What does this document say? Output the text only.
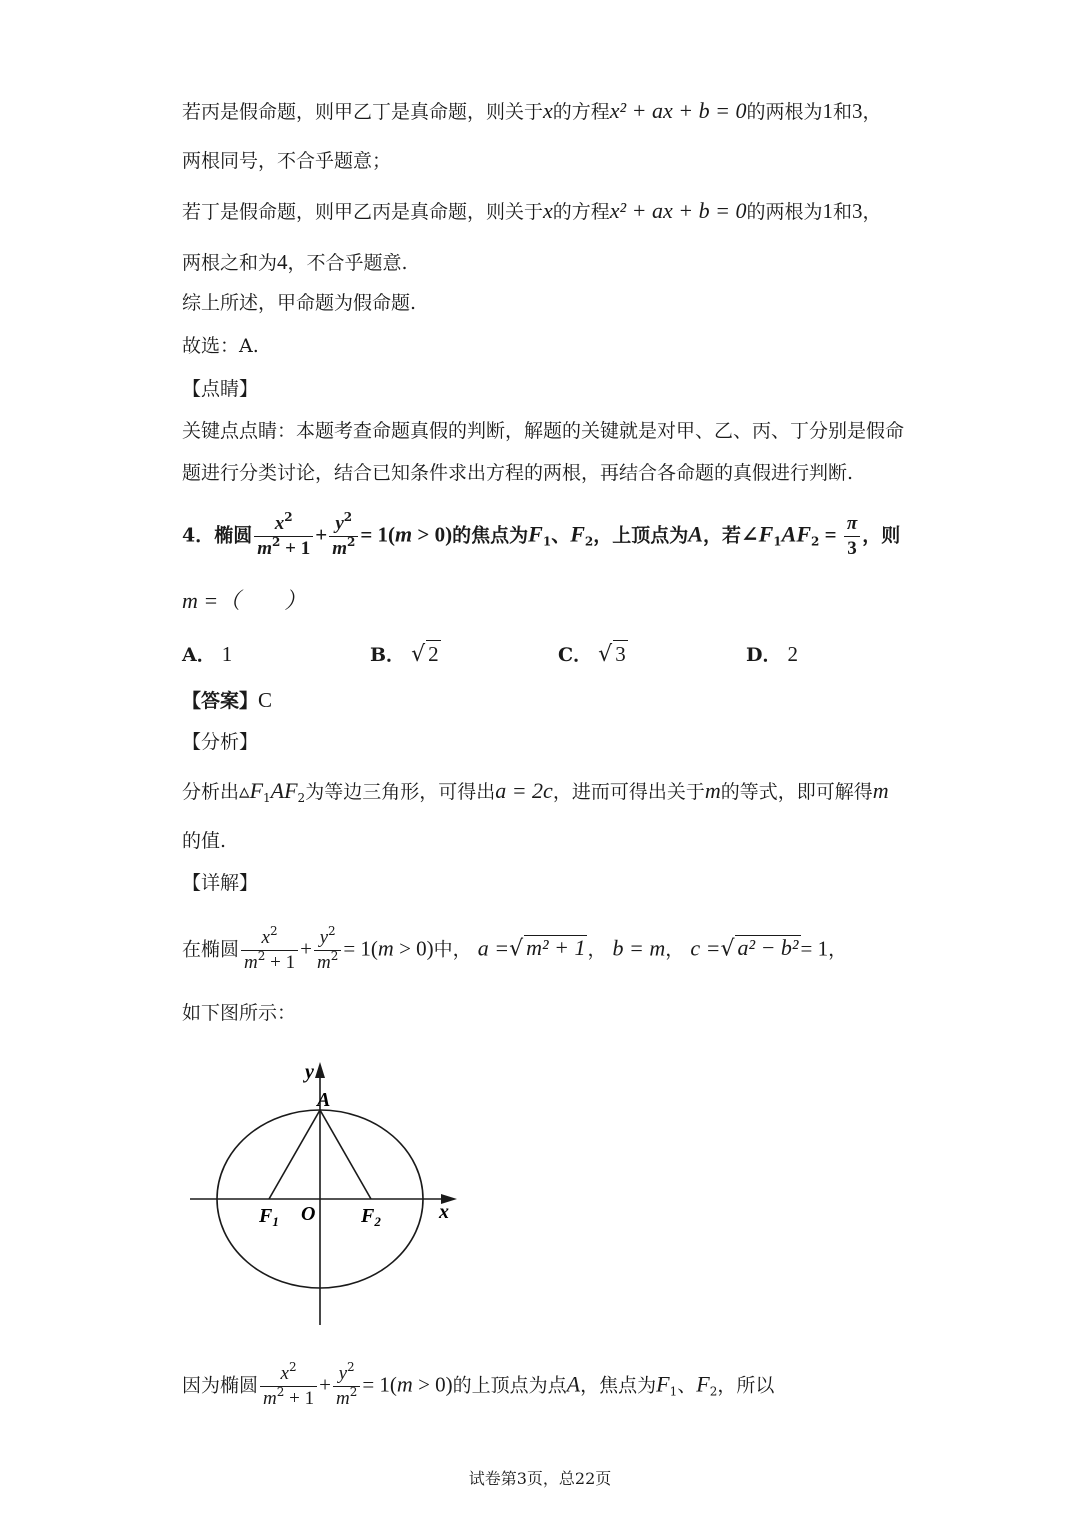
若丙是假命题，则甲乙丁是真命题，则关于x的方程x² + ax + b = 0的两根为1和3，
两根同号，不合乎题意；
若丁是假命题，则甲乙丙是真命题，则关于x的方程x² + ax + b = 0的两根为1和3，
两根之和为4，不合乎题意.
综上所述，甲命题为假命题.
故选：A.
【点睛】
关键点点睛：本题考查命题真假的判断，解题的关键就是对甲、乙、丙、丁分别是假命
题进行分类讨论，结合已知条件求出方程的两根，再结合各命题的真假进行判断.
4．椭圆 $\frac{x^2}{m^2 + 1} + \frac{y^2}{m^2} = 1(m > 0)$的焦点为$F_1$、$F_2$，上顶点为A，若$\angle F_1AF_2 = \frac{\pi}{3}$ ，则
m =（　　）
A． 1	B． √ 2	C． √ 3	D． 2
【答案】C
【分析】
分析出$▵F_1AF_2$为等边三角形，可得出a = 2c，进而可得出关于m的等式，即可解得m
的值.
【详解】
在椭圆 $\frac{x^2}{m^2 + 1} + \frac{y^2}{m^2} = 1(m > 0)$中， a =√ m² + 1 ， b = m， c =√ a² − b²= 1，
如下图所示：
y
A
x
O
$F_1$	$F_2$
因为椭圆 $\frac{x^2}{m^2 + 1} + \frac{y^2}{m^2} = 1(m > 0)$的上顶点为点A，焦点为$F_1$、$F_2$，所以
试卷第3页，总22页
